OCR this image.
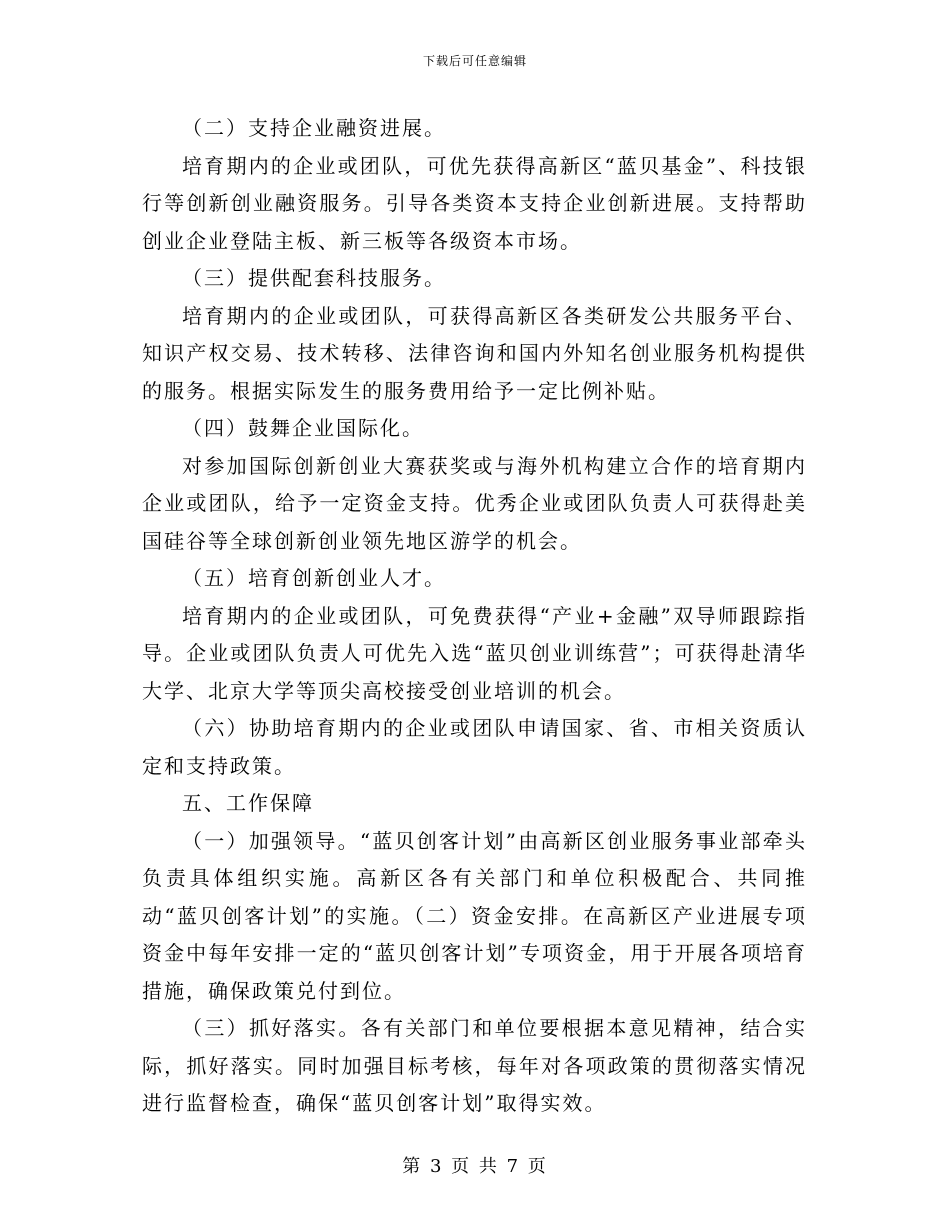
下载后可任意编辑

（二）支持企业融资进展。

培育期内的企业或团队，可优先获得高新区“蓝贝基金”、科技银行等创新创业融资服务。引导各类资本支持企业创新进展。支持帮助创业企业登陆主板、新三板等各级资本市场。

（三）提供配套科技服务。

培育期内的企业或团队，可获得高新区各类研发公共服务平台、知识产权交易、技术转移、法律咨询和国内外知名创业服务机构提供的服务。根据实际发生的服务费用给予一定比例补贴。

（四）鼓舞企业国际化。

对参加国际创新创业大赛获奖或与海外机构建立合作的培育期内企业或团队，给予一定资金支持。优秀企业或团队负责人可获得赴美国硅谷等全球创新创业领先地区游学的机会。

（五）培育创新创业人才。

培育期内的企业或团队，可免费获得“产业+金融”双导师跟踪指导。企业或团队负责人可优先入选“蓝贝创业训练营”；可获得赴清华大学、北京大学等顶尖高校接受创业培训的机会。

（六）协助培育期内的企业或团队申请国家、省、市相关资质认定和支持政策。

五、工作保障

（一）加强领导。“蓝贝创客计划”由高新区创业服务事业部牵头负责具体组织实施。高新区各有关部门和单位积极配合、共同推动“蓝贝创客计划”的实施。（二）资金安排。在高新区产业进展专项资金中每年安排一定的“蓝贝创客计划”专项资金，用于开展各项培育措施，确保政策兑付到位。

（三）抓好落实。各有关部门和单位要根据本意见精神，结合实际，抓好落实。同时加强目标考核，每年对各项政策的贯彻落实情况进行监督检查，确保“蓝贝创客计划”取得实效。

第 3 页 共 7 页
